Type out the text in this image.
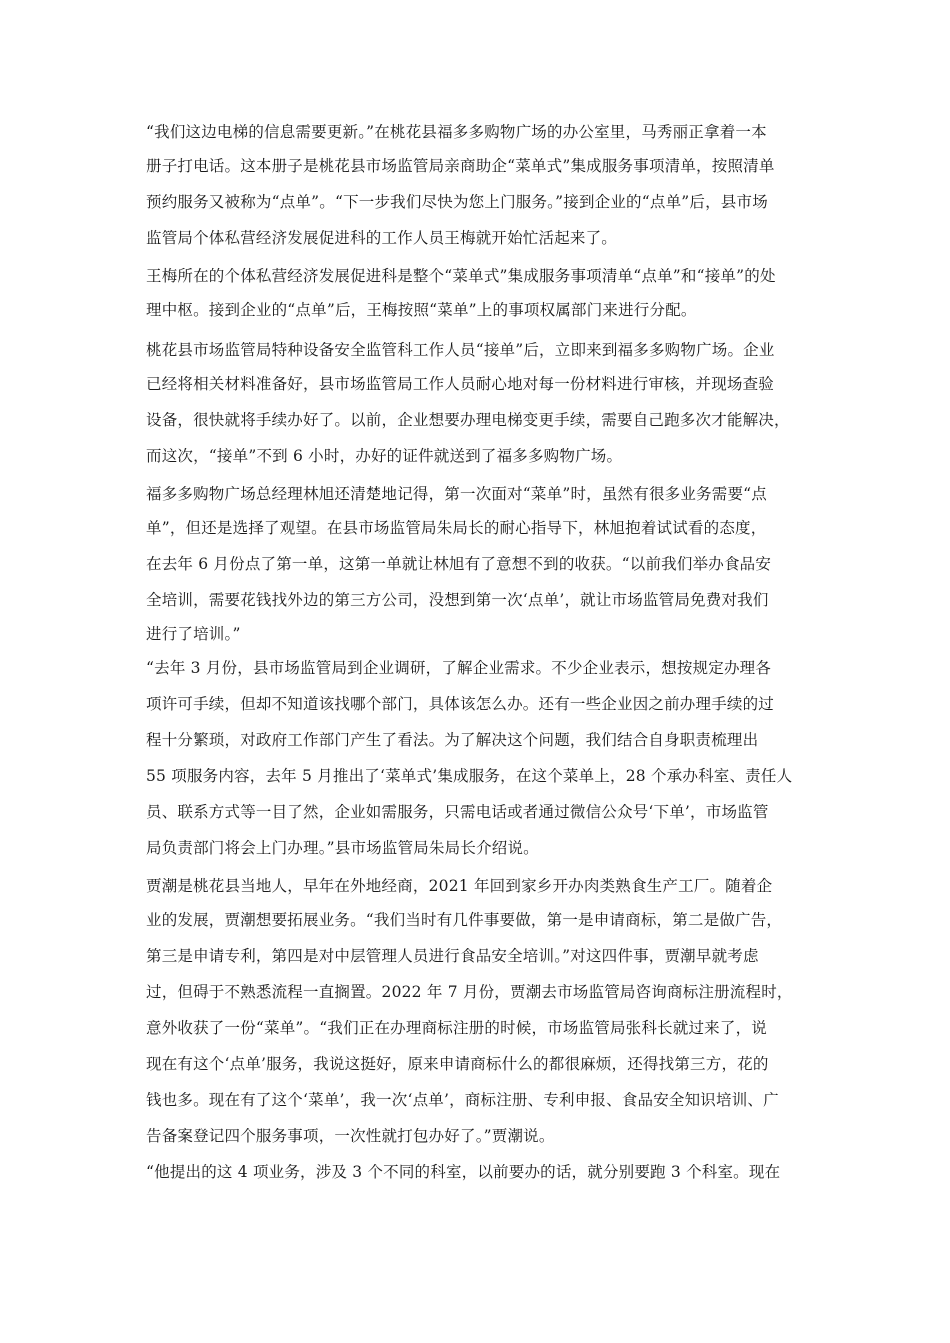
“我们这边电梯的信息需要更新。”在桃花县福多多购物广场的办公室里，马秀丽正拿着一本
册子打电话。这本册子是桃花县市场监管局亲商助企“菜单式”集成服务事项清单，按照清单
预约服务又被称为“点单”。“下一步我们尽快为您上门服务。”接到企业的“点单”后，县市场
监管局个体私营经济发展促进科的工作人员王梅就开始忙活起来了。
王梅所在的个体私营经济发展促进科是整个“菜单式”集成服务事项清单“点单”和“接单”的处
理中枢。接到企业的“点单”后，王梅按照“菜单”上的事项权属部门来进行分配。
桃花县市场监管局特种设备安全监管科工作人员“接单”后，立即来到福多多购物广场。企业
已经将相关材料准备好，县市场监管局工作人员耐心地对每一份材料进行审核，并现场查验
设备，很快就将手续办好了。以前，企业想要办理电梯变更手续，需要自己跑多次才能解决，
而这次，“接单”不到 6 小时，办好的证件就送到了福多多购物广场。
福多多购物广场总经理林旭还清楚地记得，第一次面对“菜单”时，虽然有很多业务需要“点
单”，但还是选择了观望。在县市场监管局朱局长的耐心指导下，林旭抱着试试看的态度，
在去年 6 月份点了第一单，这第一单就让林旭有了意想不到的收获。“以前我们举办食品安
全培训，需要花钱找外边的第三方公司，没想到第一次‘点单’，就让市场监管局免费对我们
进行了培训。”
“去年 3 月份，县市场监管局到企业调研，了解企业需求。不少企业表示，想按规定办理各
项许可手续，但却不知道该找哪个部门，具体该怎么办。还有一些企业因之前办理手续的过
程十分繁琐，对政府工作部门产生了看法。为了解决这个问题，我们结合自身职责梳理出
55 项服务内容，去年 5 月推出了‘菜单式’集成服务，在这个菜单上，28 个承办科室、责任人
员、联系方式等一目了然，企业如需服务，只需电话或者通过微信公众号‘下单’，市场监管
局负责部门将会上门办理。”县市场监管局朱局长介绍说。
贾潮是桃花县当地人，早年在外地经商，2021 年回到家乡开办肉类熟食生产工厂。随着企
业的发展，贾潮想要拓展业务。“我们当时有几件事要做，第一是申请商标，第二是做广告，
第三是申请专利，第四是对中层管理人员进行食品安全培训。”对这四件事，贾潮早就考虑
过，但碍于不熟悉流程一直搁置。2022 年 7 月份，贾潮去市场监管局咨询商标注册流程时，
意外收获了一份“菜单”。“我们正在办理商标注册的时候，市场监管局张科长就过来了，说
现在有这个‘点单’服务，我说这挺好，原来申请商标什么的都很麻烦，还得找第三方，花的
钱也多。现在有了这个‘菜单’，我一次‘点单’，商标注册、专利申报、食品安全知识培训、广
告备案登记四个服务事项，一次性就打包办好了。”贾潮说。
“他提出的这 4 项业务，涉及 3 个不同的科室，以前要办的话，就分别要跑 3 个科室。现在
